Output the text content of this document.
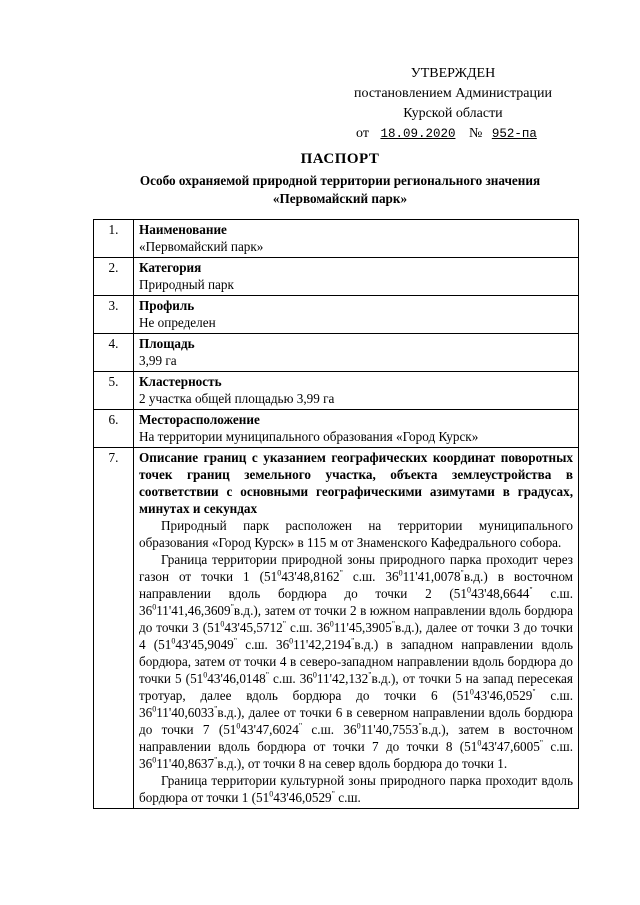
УТВЕРЖДЕН
постановлением Администрации
Курской области
от 18.09.2020 № 952-па
ПАСПОРТ
Особо охраняемой природной территории регионального значения
«Первомайский парк»
1.	Наименование
«Первомайский парк»

2.	Категория
Природный парк

3.	Профиль
Не определен

4.	Площадь
3,99 га

5.	Кластерность
2 участка общей площадью 3,99 га

6.	Месторасположение
На территории муниципального образования «Город Курск»

7.	Описание границ с указанием географических координат поворотных точек границ земельного участка, объекта землеустройства в соответствии с основными географическими азимутами в градусах, минутах и секундах
Природный парк расположен на территории муниципального образования «Город Курск» в 115 м от Знаменского Кафедрального собора.
Граница территории природной зоны природного парка проходит через газон от точки 1 ($51^043'48,8162^"$ с.ш. $36^011'41,0078^"в.д$.) в восточном направлении вдоль бордюра до точки 2 ($51^043'48,6644^"$ с.ш. $36^011'41,46,3609^"в.д$.), затем от точки 2 в южном направлении вдоль бордюра до точки 3 ($51^043'45,5712^"$ с.ш. $36^011'45,3905^"в.д$.), далее от точки 3 до точки 4 ($51^043'45,9049^"$ с.ш. $36^011'42,2194^"в.д$.) в западном направлении вдоль бордюра, затем от точки 4 в северо-западном направлении вдоль бордюра до точки 5 ($51^043'46,0148^"$ с.ш. $36^011'42,132^"в.д$.), от точки 5 на запад пересекая тротуар, далее вдоль бордюра до точки 6 ($51^043'46,0529^"$ с.ш. $36^011'40,6033^"в.д$.), далее от точки 6 в северном направлении вдоль бордюра до точки 7 ($51^043'47,6024^"$ с.ш. $36^011'40,7553^"в.д$.), затем в восточном направлении вдоль бордюра от точки 7 до точки 8 ($51^043'47,6005^"$ с.ш. $36^011'40,8637^"в.д$.), от точки 8 на север вдоль бордюра до точки 1.
Граница территории культурной зоны природного парка проходит вдоль бордюра от точки 1 ($51^043'46,0529^"$ с.ш.
